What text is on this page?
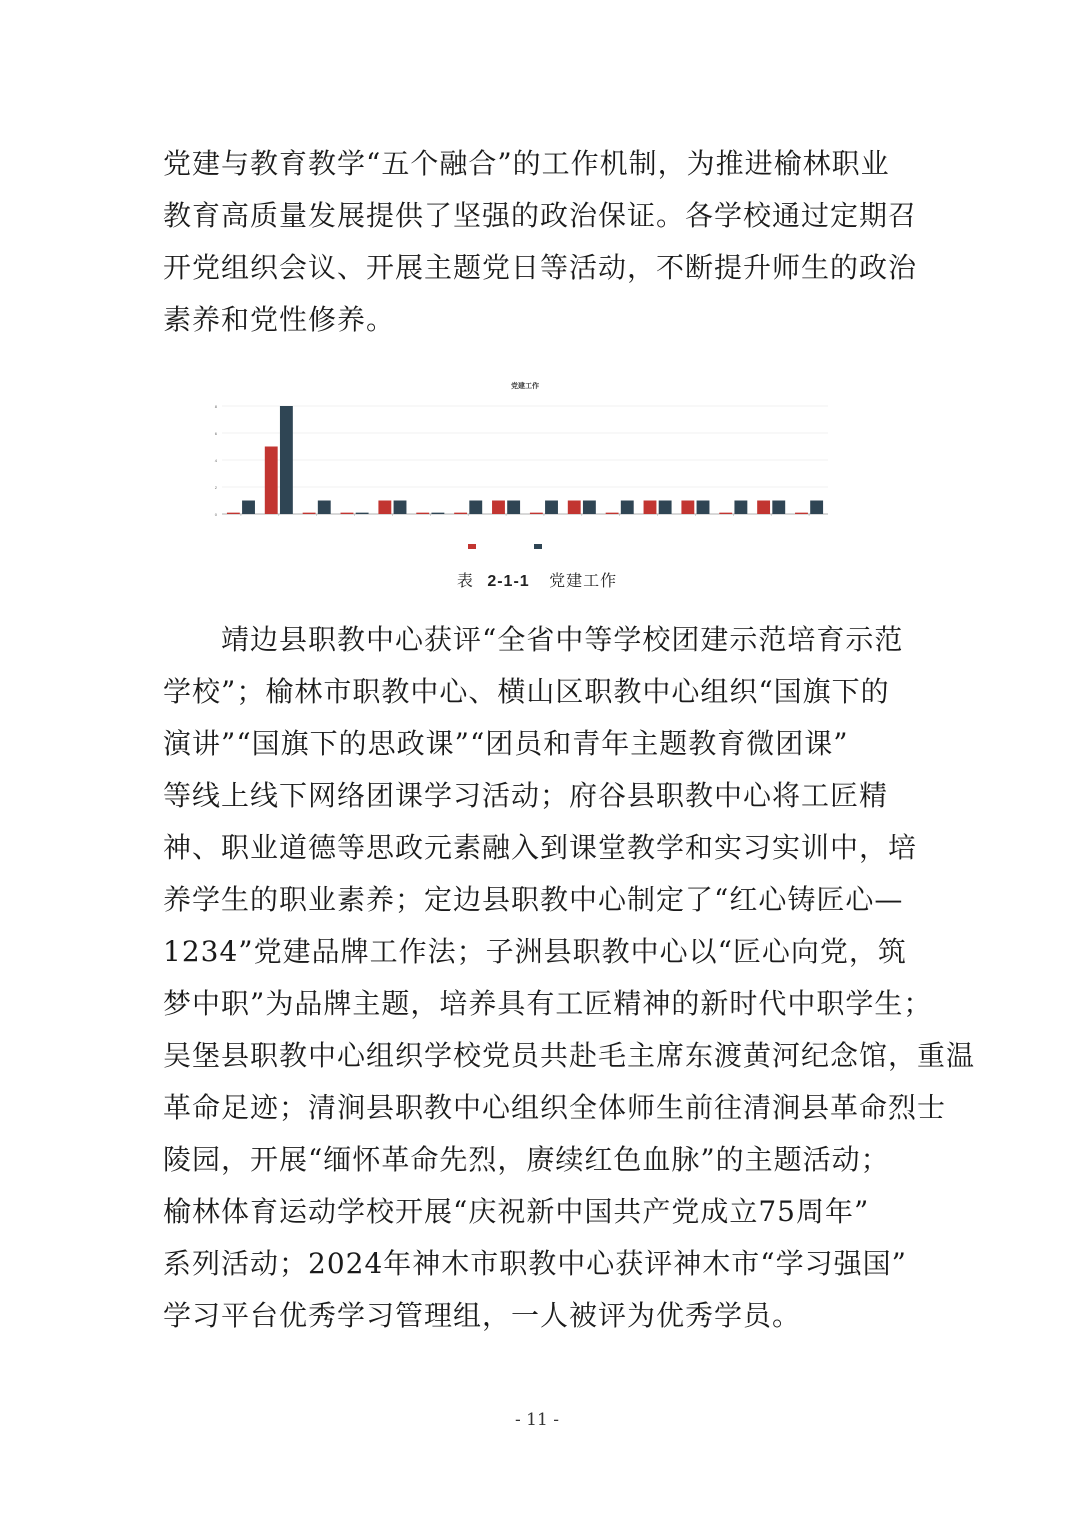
党建与教育教学“五个融合”的工作机制，为推进榆林职业
教育高质量发展提供了坚强的政治保证。各学校通过定期召
开党组织会议、开展主题党日等活动，不断提升师生的政治
素养和党性修养。

党建工作
0
2
4
6
8
表 2-1-1 党建工作

　　靖边县职教中心获评“全省中等学校团建示范培育示范
学校”；榆林市职教中心、横山区职教中心组织“国旗下的
演讲”“国旗下的思政课”“团员和青年主题教育微团课”
等线上线下网络团课学习活动；府谷县职教中心将工匠精
神、职业道德等思政元素融入到课堂教学和实习实训中，培
养学生的职业素养；定边县职教中心制定了“红心铸匠心—
1234”党建品牌工作法；子洲县职教中心以“匠心向党，筑
梦中职”为品牌主题，培养具有工匠精神的新时代中职学生；
吴堡县职教中心组织学校党员共赴毛主席东渡黄河纪念馆，重温
革命足迹；清涧县职教中心组织全体师生前往清涧县革命烈士
陵园，开展“缅怀革命先烈，赓续红色血脉”的主题活动；
榆林体育运动学校开展“庆祝新中国共产党成立75周年”
系列活动；2024年神木市职教中心获评神木市“学习强国”
学习平台优秀学习管理组，一人被评为优秀学员。

- 11 -
